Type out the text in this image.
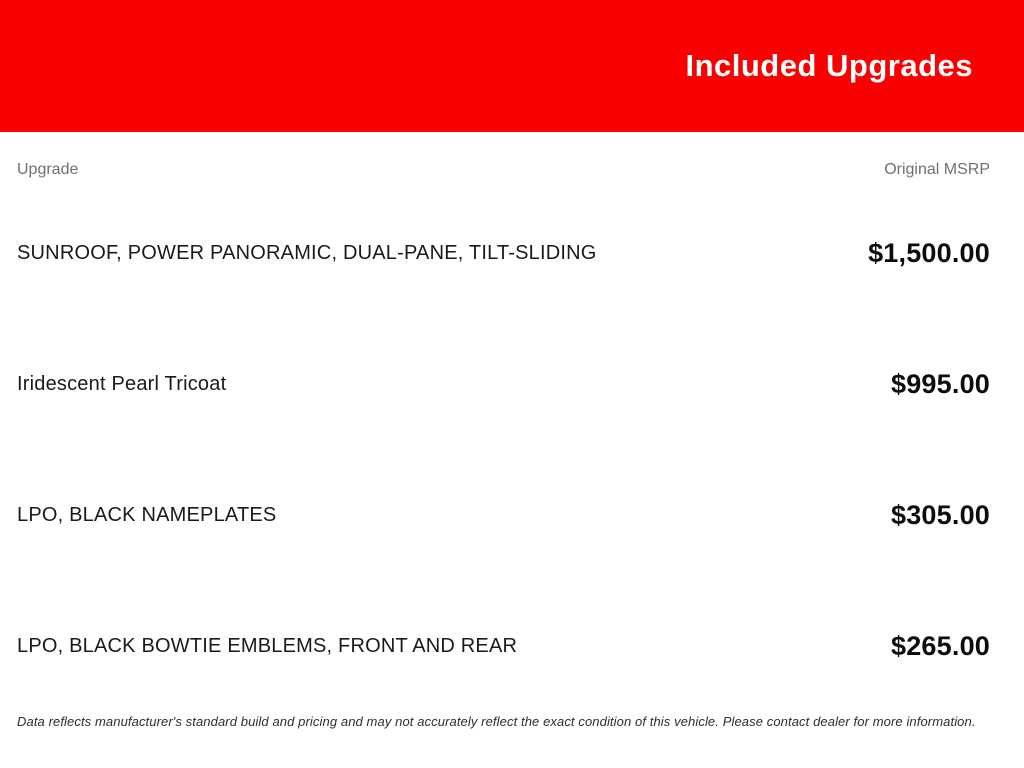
Included Upgrades
Upgrade	Original MSRP
SUNROOF, POWER PANORAMIC, DUAL-PANE, TILT-SLIDING	$1,500.00
Iridescent Pearl Tricoat	$995.00
LPO, BLACK NAMEPLATES	$305.00
LPO, BLACK BOWTIE EMBLEMS, FRONT AND REAR	$265.00
Data reflects manufacturer's standard build and pricing and may not accurately reflect the exact condition of this vehicle. Please contact dealer for more information.
